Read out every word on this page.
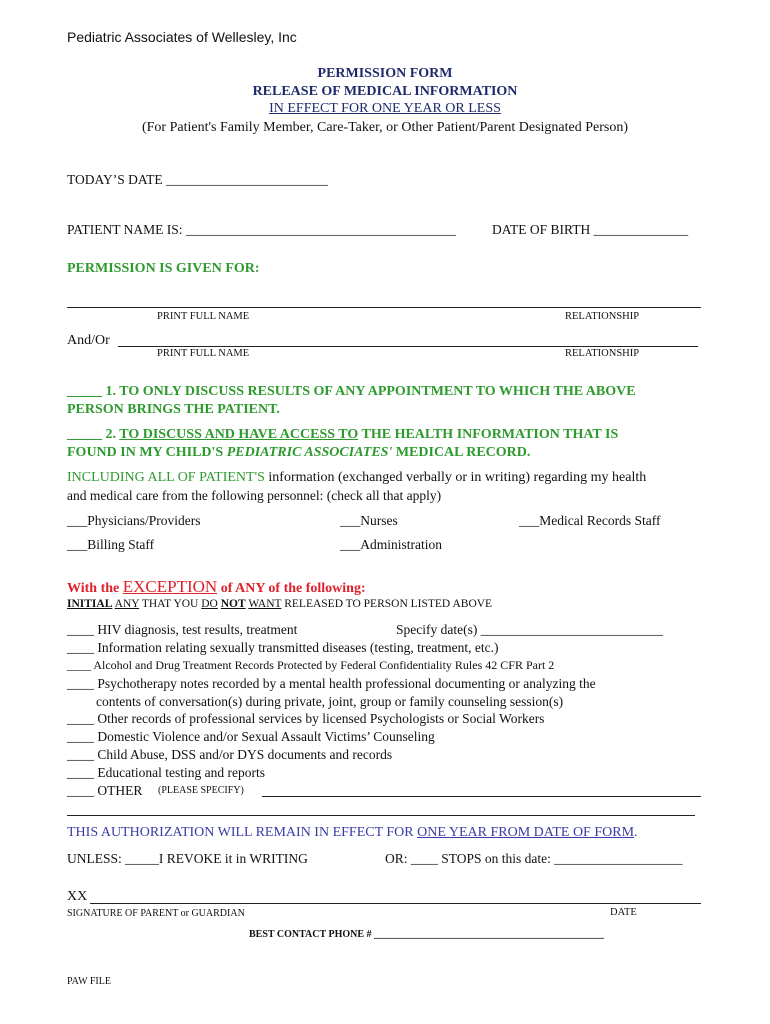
Pediatric Associates of Wellesley, Inc
PERMISSION FORM
RELEASE OF MEDICAL INFORMATION
IN EFFECT FOR ONE YEAR OR LESS
(For Patient's Family Member, Care-Taker, or Other Patient/Parent Designated Person)
TODAY’S DATE ________________________
PATIENT NAME IS: ________________________________________	DATE OF BIRTH ______________
PERMISSION IS GIVEN FOR:
PRINT FULL NAME	RELATIONSHIP
And/Or
PRINT FULL NAME	RELATIONSHIP
_____ 1. TO ONLY DISCUSS RESULTS OF ANY APPOINTMENT TO WHICH THE ABOVE
PERSON BRINGS THE PATIENT.
_____ 2. TO DISCUSS AND HAVE ACCESS TO THE HEALTH INFORMATION THAT IS
FOUND IN MY CHILD'S PEDIATRIC ASSOCIATES' MEDICAL RECORD.
INCLUDING ALL OF PATIENT'S information (exchanged verbally or in writing) regarding my health
and medical care from the following personnel: (check all that apply)
___Physicians/Providers	___Nurses	___Medical Records Staff
___Billing Staff	___Administration
With the EXCEPTION of ANY of the following:
INITIAL ANY THAT YOU DO NOT WANT RELEASED TO PERSON LISTED ABOVE
____ HIV diagnosis, test results, treatment	Specify date(s) ___________________________
____ Information relating sexually transmitted diseases (testing, treatment, etc.)
____ Alcohol and Drug Treatment Records Protected by Federal Confidentiality Rules 42 CFR Part 2
____ Psychotherapy notes recorded by a mental health professional documenting or analyzing the
contents of conversation(s) during private, joint, group or family counseling session(s)
____ Other records of professional services by licensed Psychologists or Social Workers
____ Domestic Violence and/or Sexual Assault Victims’ Counseling
____ Child Abuse, DSS and/or DYS documents and records
____ Educational testing and reports
____ OTHER (PLEASE SPECIFY)
THIS AUTHORIZATION WILL REMAIN IN EFFECT FOR ONE YEAR FROM DATE OF FORM.
UNLESS: _____I REVOKE it in WRITING	OR: ____ STOPS on this date: ___________________
XX
SIGNATURE OF PARENT or GUARDIAN	DATE
BEST CONTACT PHONE # ______________________________________________
PAW FILE
